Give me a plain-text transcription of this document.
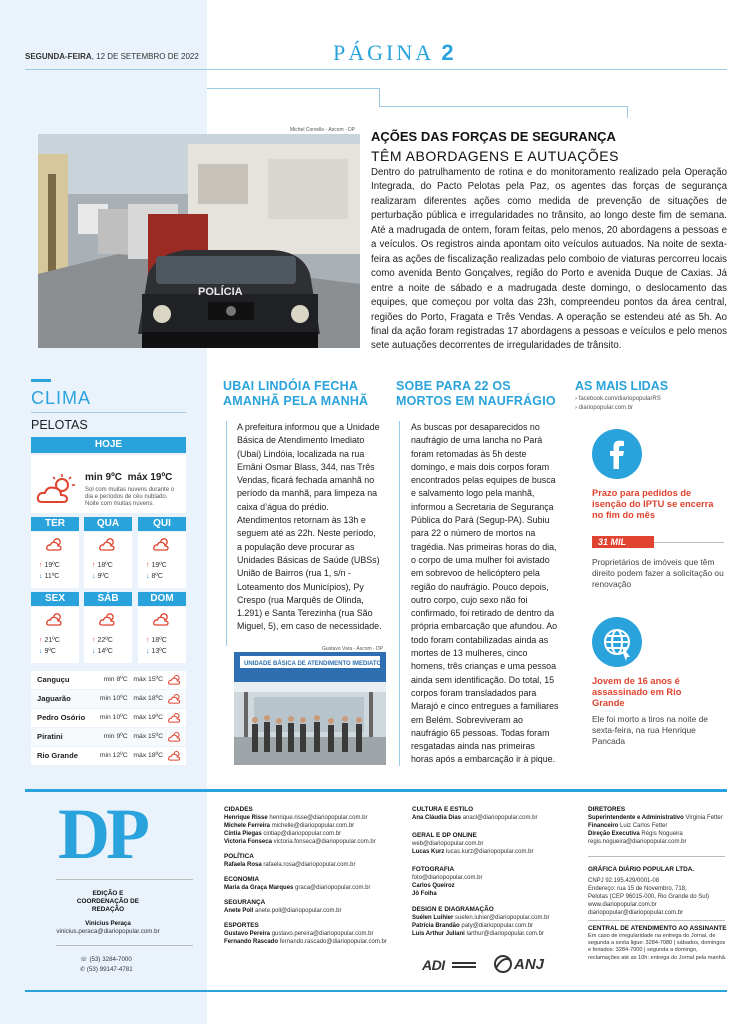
SEGUNDA-FEIRA, 12 DE SETEMBRO DE 2022	PÁGINA 2
Michel Corvello - Ascom - DP
POLÍCIA
AÇÕES DAS FORÇAS DE SEGURANÇA
TÊM ABORDAGENS E AUTUAÇÕES
Dentro do patrulhamento de rotina e do monitoramento realizado pela Operação Integrada, do Pacto Pelotas pela Paz, os agentes das forças de segurança realizaram diferentes ações como medida de prevenção de situações de perturbação pública e irregularidades no trânsito, ao longo deste fim de semana. Até a madrugada de ontem, foram feitas, pelo menos, 20 abordagens a pessoas e a veículos. Os registros ainda apontam oito veículos autuados. Na noite de sexta-feira as ações de fiscalização realizadas pelo comboio de viaturas percorreu locais como avenida Bento Gonçalves, região do Porto e avenida Duque de Caxias. Já entre a noite de sábado e a madrugada deste domingo, o deslocamento das equipes, que começou por volta das 23h, compreendeu pontos da área central, regiões do Porto, Fragata e Três Vendas. A operação se estendeu até as 5h. Ao final da ação foram registradas 17 abordagens a pessoas e veículos e pelo menos sete autuações decorrentes de irregularidades de trânsito.
CLIMA
PELOTAS
HOJE
min 9ºC máx 19ºC
Sol com muitas nuvens durante o dia e períodos de céu nublado. Noite com muitas nuvens.
TER
↑ 19ºC
↓ 11ºC
QUA
↑ 18ºC
↓ 9ºC
QUI
↑ 19ºC
↓ 8ºC
SEX
↑ 21ºC
↓ 9ºC
SÁB
↑ 22ºC
↓ 14ºC
DOM
↑ 18ºC
↓ 13ºC
Canguçu	min 8ºC máx 15ºC
Jaguarão	min 10ºC máx 18ºC
Pedro Osório	min 10ºC máx 19ºC
Piratini	min 9ºC máx 15ºC
Rio Grande	min 12ºC máx 18ºC
UBAI LINDÓIA FECHA
AMANHÃ PELA MANHÃ
A prefeitura informou que a Unidade Básica de Atendimento Imediato (Ubai) Lindóia, localizada na rua Ernâni Osmar Blass, 344, nas Três Vendas, ficará fechada amanhã no período da manhã, para limpeza na caixa d’água do prédio. Atendimentos retornam às 13h e seguem até as 22h. Neste período, a população deve procurar as Unidades Básicas de Saúde (UBSs) União de Bairros (rua 1, s/n - Loteamento dos Municípios), Py Crespo (rua Marquês de Olinda, 1.291) e Santa Terezinha (rua São Miguel, 5), em caso de necessidade.
Gustavo Vara - Ascom - DP
UNIDADE BÁSICA DE ATENDIMENTO IMEDIATO
SOBE PARA 22 OS
MORTOS EM NAUFRÁGIO
As buscas por desaparecidos no naufrágio de uma lancha no Pará foram retomadas às 5h deste domingo, e mais dois corpos foram encontrados pelas equipes de busca e salvamento logo pela manhã, informou a Secretaria de Segurança Pública do Pará (Segup-PA). Subiu para 22 o número de mortos na tragédia. Nas primeiras horas do dia, o corpo de uma mulher foi avistado em sobrevoo de helicóptero pela região do naufrágio. Pouco depois, outro corpo, cujo sexo não foi confirmado, foi retirado de dentro da própria embarcação que afundou. Ao todo foram contabilizadas ainda as mortes de 13 mulheres, cinco homens, três crianças e uma pessoa ainda sem identificação. Do total, 15 corpos foram transladados para Marajó e cinco entregues a familiares em Belém. Sobreviveram ao naufrágio 65 pessoas. Todas foram resgatadas ainda nas primeiras horas após a embarcação ir à pique.
AS MAIS LIDAS
› facebook.com/diariopopularRS
› diariopopular.com.br
Prazo para pedidos de isenção do IPTU se encerra no fim do mês
31 MIL
Proprietários de imóveis que têm direito podem fazer a solicitação ou renovação
Jovem de 16 anos é assassinado em Rio Grande
Ele foi morto a tiros na noite de sexta-feira, na rua Henrique Pancada
DP
EDIÇÃO E COORDENAÇÃO DE REDAÇÃO
Vinicius Peraça
vinicius.peraca@diariopopular.com.br
☏ (53) 3284-7000
✆ (53) 99147-4781
CIDADES
Henrique Risse henrique.risse@diariopopular.com.br
Michele Ferreira michelle@diariopopular.com.br
Cíntia Piegas cintiap@diariopopular.com.br
Victoria Fonseca victoria.fonseca@diariopopular.com.br
POLÍTICA
Rafaela Rosa rafaela.rosa@diariopopular.com.br
ECONOMIA
Maria da Graça Marques graca@diariopopular.com.br
SEGURANÇA
Anete Poll anete.poll@diariopopular.com.br
ESPORTES
Gustavo Pereira gustavo.pereira@diariopopular.com.br
Fernando Rascado fernando.rascado@diariopopular.com.br
CULTURA E ESTILO
Ana Cláudia Dias anacl@diariopopular.com.br
GERAL E DP ONLINE
web@diariopopular.com.br
Lucas Kurz lucas.kurz@diariopopular.com.br
FOTOGRAFIA
foto@diariopopular.com.br
Carlos Queiroz
Jô Folha
DESIGN E DIAGRAMAÇÃO
Suélen Luihier suelen.luhier@diariopopular.com.br
Patrícia Brandão paty@diariopopular.com.br
Luis Arthur Juliani larthur@diariopopular.com.br
ADI	ANJ
DIRETORES
Superintendente e Administrativo Virginia Fetter
Financeiro Luiz Carlos Fetter
Direção Executiva Régis Nogueira
regis.nogueira@diariopopular.com.br
GRÁFICA DIÁRIO POPULAR LTDA.
CNPJ 92.195.429/0001-08
Endereço: rua 15 de Novembro, 718,
Pelotas (CEP 96015-000, Rio Grande do Sul)
www.diariopopular.com.br
diariopopular@diariopopular.com.br
CENTRAL DE ATENDIMENTO AO ASSINANTE
Em caso de irregularidade na entrega do Jornal, de segunda a sexta ligue: 3284-7080 | sábados, domingos e feriados: 3284-7000 | segunda a domingo, reclamações até as 10h: entrega do Jornal pela manhã.
